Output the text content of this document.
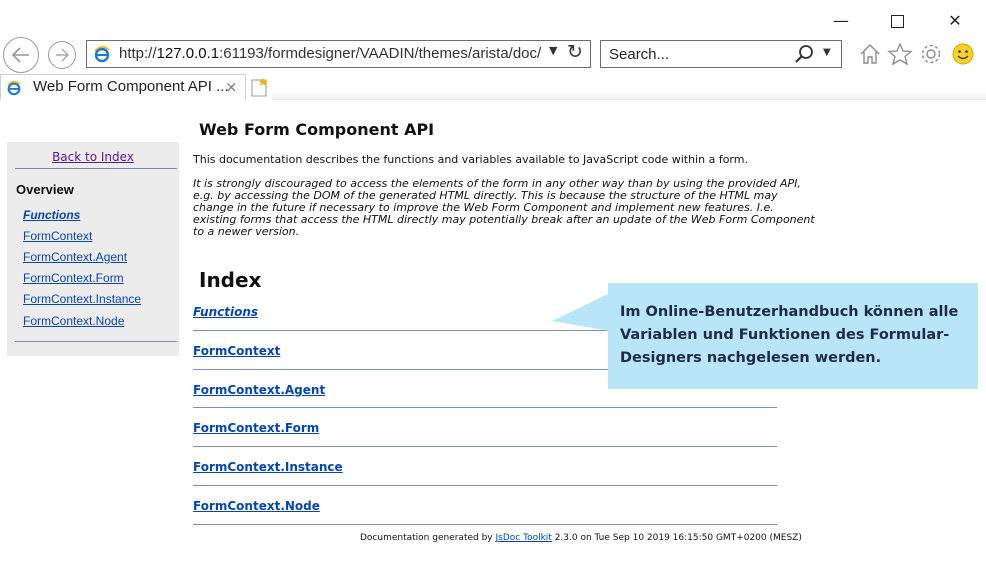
—	✕
http://127.0.0.1:61193/formdesigner/VAADIN/themes/arista/doc/ ▼ ↻ Search...	▼
Web Form Component API ...
×
Back to Index
Overview
Functions
FormContext
FormContext.Agent
FormContext.Form
FormContext.Instance
FormContext.Node
Web Form Component API
This documentation describes the functions and variables available to JavaScript code within a form.
It is strongly discouraged to access the elements of the form in any other way than by using the provided API,
e.g. by accessing the DOM of the generated HTML directly. This is because the structure of the HTML may
change in the future if necessary to improve the Web Form Component and implement new features. I.e.
existing forms that access the HTML directly may potentially break after an update of the Web Form Component
to a newer version.
Index
Functions
FormContext
FormContext.Agent
FormContext.Form
FormContext.Instance
FormContext.Node
Documentation generated by JsDoc Toolkit 2.3.0 on Tue Sep 10 2019 16:15:50 GMT+0200 (MESZ)
Im Online-Benutzerhandbuch können alle Variablen und Funktionen des Formular-Designers nachgelesen werden.
